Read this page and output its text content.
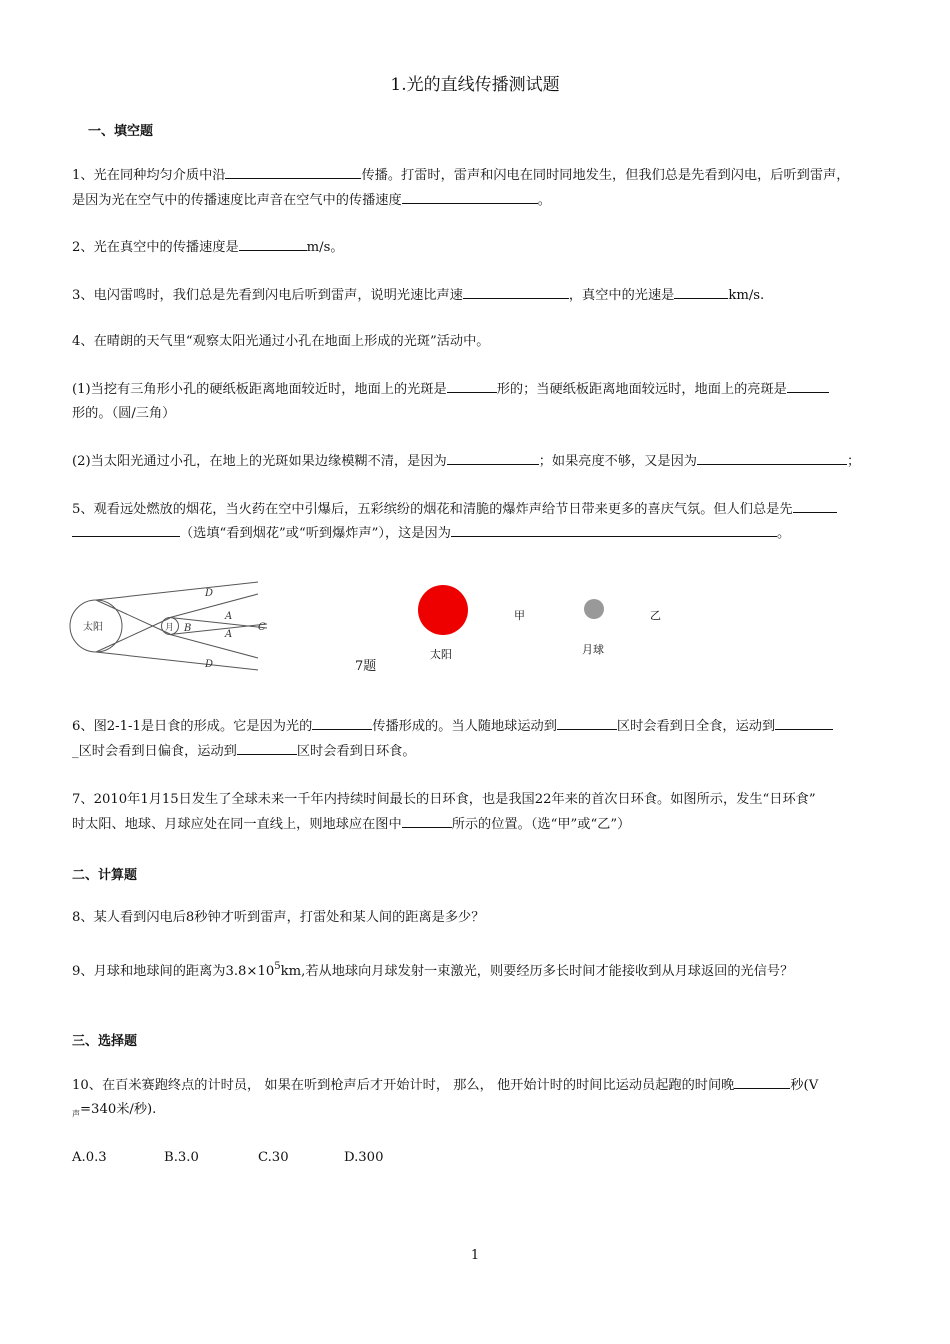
1.光的直线传播测试题
一、填空题
1、光在同种均匀介质中沿	传播。打雷时，雷声和闪电在同时同地发生，但我们总是先看到闪电，后听到雷声，
是因为光在空气中的传播速度比声音在空气中的传播速度	。
2、光在真空中的传播速度是	m/s。
3、电闪雷鸣时，我们总是先看到闪电后听到雷声，说明光速比声速	，真空中的光速是	km/s.
4、在晴朗的天气里“观察太阳光通过小孔在地面上形成的光斑”活动中。
(1)当挖有三角形小孔的硬纸板距离地面较近时，地面上的光斑是	形的；当硬纸板距离地面较远时，地面上的亮斑是
形的。（圆/三角）
(2)当太阳光通过小孔，在地上的光斑如果边缘模糊不清，是因为	；如果亮度不够，又是因为	；
5、观看远处燃放的烟花，当火药在空中引爆后，五彩缤纷的烟花和清脆的爆炸声给节日带来更多的喜庆气氛。但人们总是先
（选填“看到烟花”或“听到爆炸声”），这是因为	。
太阳	月
D
D
A
A
B	C
7题
太阳
甲
月球
乙
6、图2-1-1是日食的形成。它是因为光的	传播形成的。当人随地球运动到	区时会看到日全食，运动到
_区时会看到日偏食，运动到	区时会看到日环食。
7、2010年1月15日发生了全球未来一千年内持续时间最长的日环食，也是我国22年来的首次日环食。如图所示，发生“日环食”
时太阳、地球、月球应处在同一直线上，则地球应在图中	所示的位置。（选“甲”或“乙”）
二、计算题
8、某人看到闪电后8秒钟才听到雷声，打雷处和某人间的距离是多少？
9、月球和地球间的距离为$3.8\times 10^5km$,若从地球向月球发射一束激光，则要经历多长时间才能接收到从月球返回的光信号？
三、选择题
10、在百米赛跑终点的计时员， 如果在听到枪声后才开始计时， 那么， 他开始计时的时间比运动员起跑的时间晚	秒(V
$_声$=340米/秒).
A.0.3	B.3.0	C.30	D.300
1
